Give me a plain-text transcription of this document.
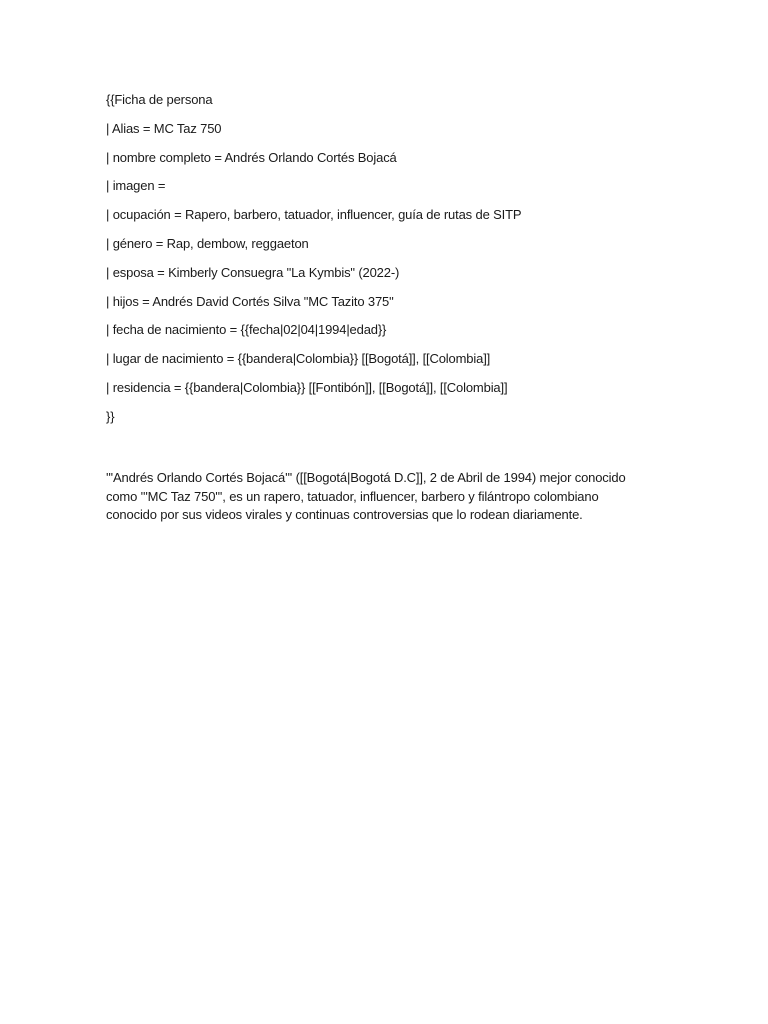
{{Ficha de persona
| Alias = MC Taz 750
| nombre completo = Andrés Orlando Cortés Bojacá
| imagen =
| ocupación = Rapero, barbero, tatuador, influencer, guía de rutas de SITP
| género = Rap, dembow, reggaeton
| esposa = Kimberly Consuegra "La Kymbis" (2022-)
| hijos = Andrés David Cortés Silva "MC Tazito 375"
| fecha de nacimiento = {{fecha|02|04|1994|edad}}
| lugar de nacimiento = {{bandera|Colombia}} [[Bogotá]], [[Colombia]]
| residencia = {{bandera|Colombia}} [[Fontibón]], [[Bogotá]], [[Colombia]]
}}

'''Andrés Orlando Cortés Bojacá''' ([[Bogotá|Bogotá D.C]], 2 de Abril de 1994) mejor conocido
como '''MC Taz 750''', es un rapero, tatuador, influencer, barbero y filántropo colombiano
conocido por sus videos virales y continuas controversias que lo rodean diariamente.
